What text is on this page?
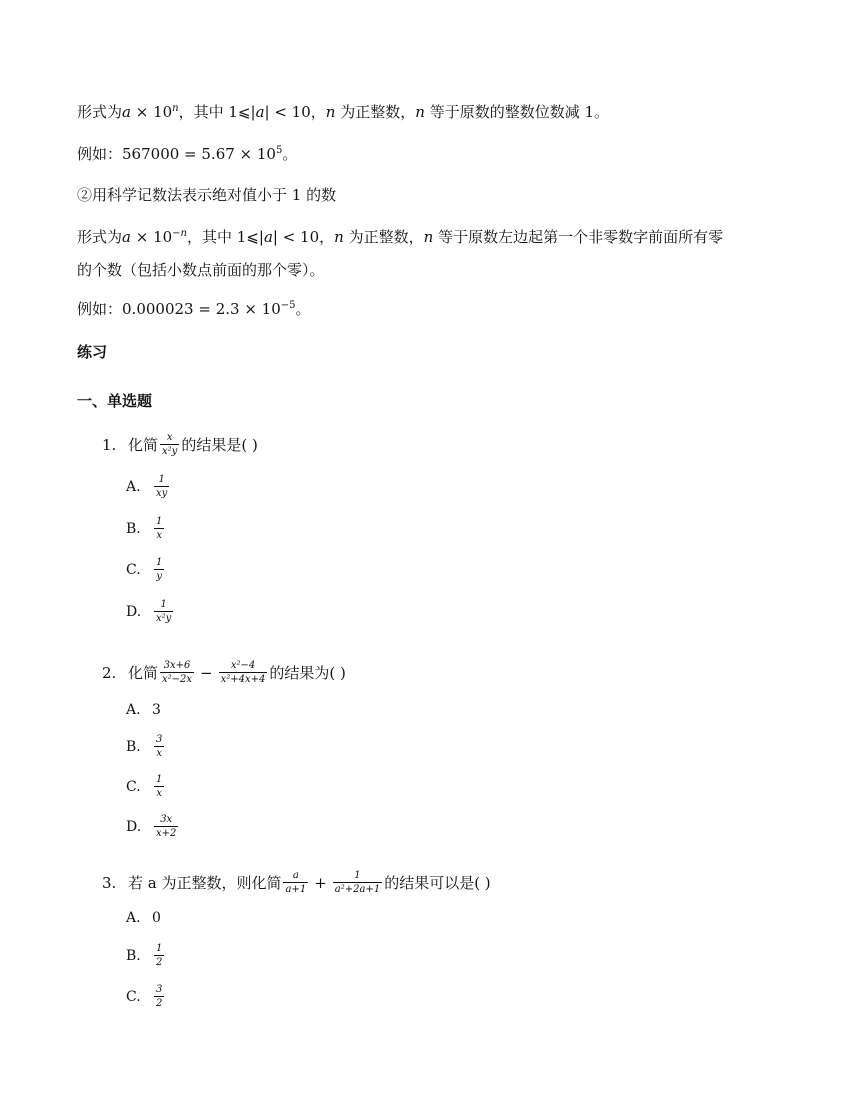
形式为$a \times 10^n$，其中 1⩽|a| < 10，n 为正整数，n 等于原数的整数位数减 1。
例如：$567000 = 5.67 \times 10^5$。
②用科学记数法表示绝对值小于 1 的数
形式为$a \times 10^{-n}$，其中 1⩽|a| < 10，n 为正整数，n 等于原数左边起第一个非零数字前面所有零
的个数（包括小数点前面的那个零）。
例如：$0.000023 = 2.3 \times 10^{-5}$。
练习
一、单选题
1. 化简 $\frac{x}{\text{x²y}}$ 的结果是( )
A.	$\frac{1}{xy}$
B.	$\frac{1}{x}$
C.	$\frac{1}{y}$
D.	$\frac{1}{\text{x²y}}$
2. 化简 $\frac{3x+6}{\text{x²−2x}} - \frac{\text{x²−4}}{\text{x²+4x+4}}$ 的结果为( )
A. 3
B.	$\frac{3}{x}$
C.	$\frac{1}{x}$
D.	$\frac{3x}{x+2}$
3. 若 a 为正整数，则化简 $\frac{a}{a+1} + \frac{1}{\text{a²+2a+1}}$ 的结果可以是( )
A. 0
B.	$\frac{1}{2}$
C.	$\frac{3}{2}$
